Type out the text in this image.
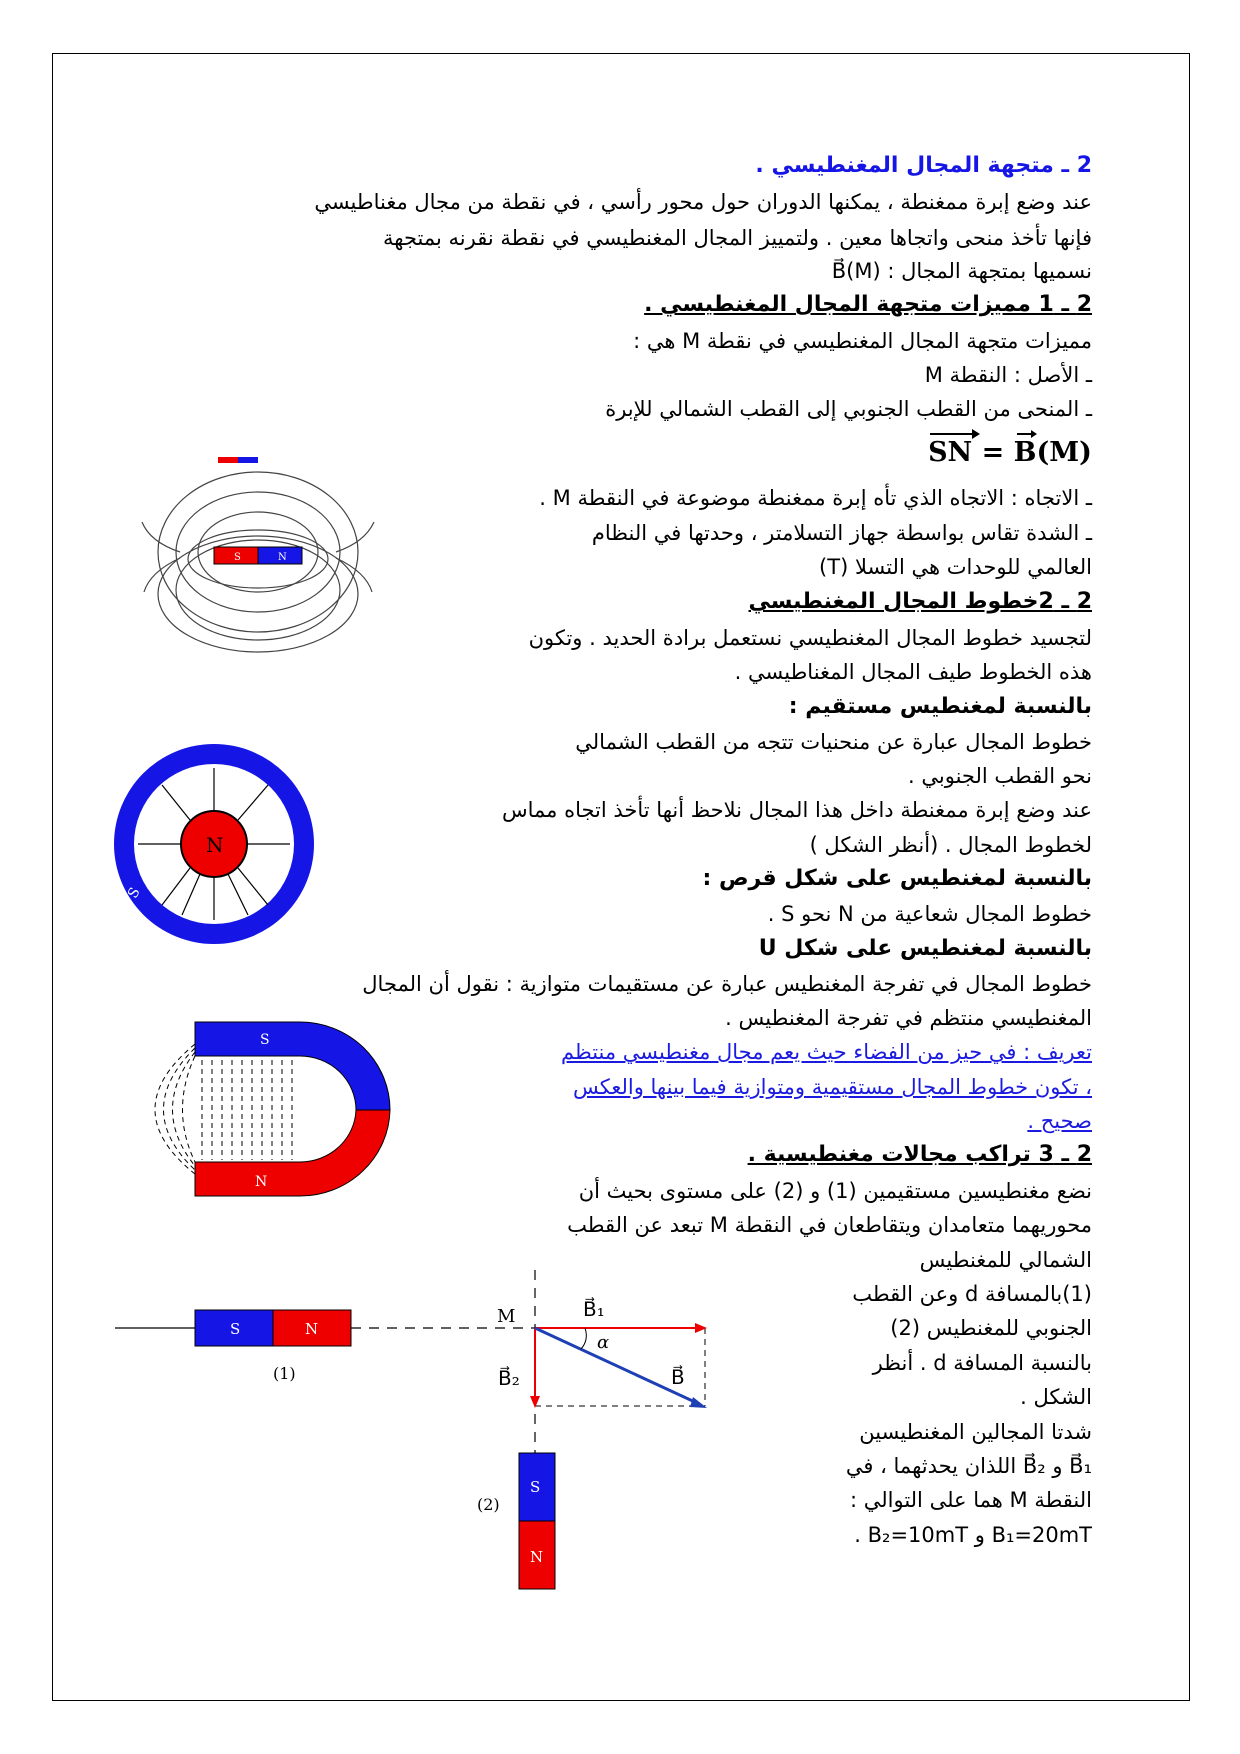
2 ـ متجهة المجال المغنطيسي .
عند وضع إبرة ممغنطة ، يمكنها الدوران حول محور رأسي ، في نقطة من مجال مغناطيسي
فإنها تأخذ منحى واتجاها معين . ولتمييز المجال المغنطيسي في نقطة نقرنه بمتجهة
نسميها بمتجهة المجال : B⃗(M)
2 ـ 1 مميزات متجهة المجال المغنطيسي .
مميزات متجهة المجال المغنطيسي في نقطة M هي :
ـ الأصل : النقطة M
ـ المنحى من القطب الجنوبي إلى القطب الشمالي للإبرة
SN = B(M)
ـ الاتجاه : الاتجاه الذي تأه إبرة ممغنطة موضوعة في النقطة M .
ـ الشدة تقاس بواسطة جهاز التسلامتر ، وحدتها في النظام
العالمي للوحدات هي التسلا (T)
S	N
2 ـ 2خطوط المجال المغنطيسي
لتجسيد خطوط المجال المغنطيسي نستعمل برادة الحديد . وتكون
هذه الخطوط طيف المجال المغناطيسي .
بالنسبة لمغنطيس مستقيم :
خطوط المجال عبارة عن منحنيات تتجه من القطب الشمالي
نحو القطب الجنوبي .
عند وضع إبرة ممغنطة داخل هذا المجال نلاحظ أنها تأخذ اتجاه مماس
لخطوط المجال . (أنظر الشكل )
N
S
بالنسبة لمغنطيس على شكل قرص :
خطوط المجال شعاعية من N نحو S .
بالنسبة لمغنطيس على شكل U
خطوط المجال في تفرجة المغنطيس عبارة عن مستقيمات متوازية : نقول أن المجال
المغنطيسي منتظم في تفرجة المغنطيس .
تعريف : في حيز من الفضاء حيث يعم مجال مغنطيسي منتظم
، تكون خطوط المجال مستقيمية ومتوازية فيما بينها والعكس
صحيح .
S
N
2 ـ 3 تراكب مجالات مغنطيسية .
نضع مغنطيسين مستقيمين (1) و (2) على مستوى بحيث أن
محوريهما متعامدان ويتقاطعان في النقطة M تبعد عن القطب
الشمالي للمغنطيس
(1)بالمسافة d وعن القطب
الجنوبي للمغنطيس (2)
بالنسبة المسافة d . أنظر
الشكل .
شدتا المجالين المغنطيسين
B⃗₁ و B⃗₂ اللذان يحدثهما ، في
النقطة M هما على التوالي :
B₁=20mT و B₂=10mT .
S	N
(1)
α
M	B⃗₁
B⃗₂	B⃗
S
N
(2)
